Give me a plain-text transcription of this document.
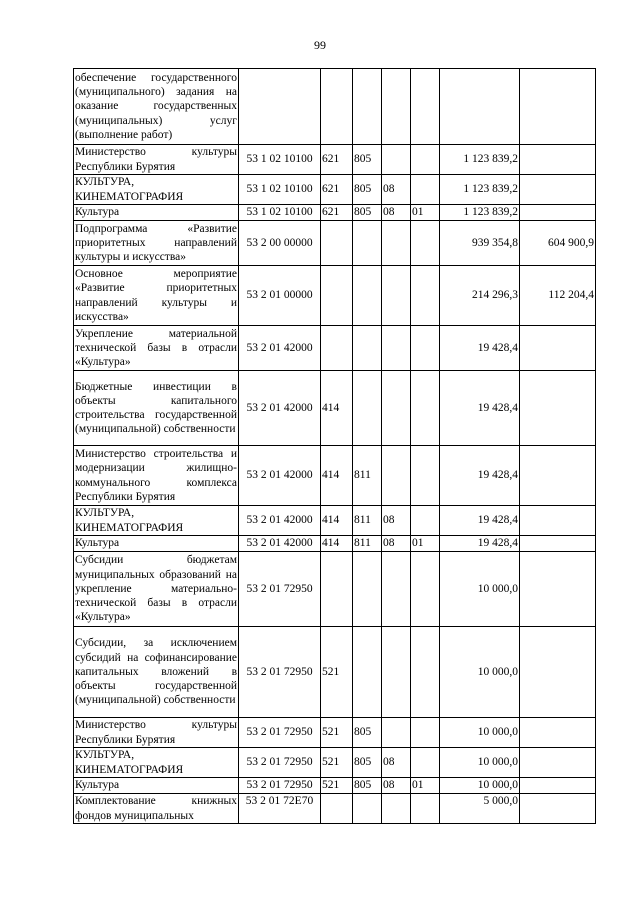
99
обеспечение государственного (муниципального) задания на оказание государственных (муниципальных) услуг (выполнение работ)							
Министерство культуры Республики Бурятия	53 1 02 10100	621	805			1 123 839,2	
КУЛЬТУРА, КИНЕМАТОГРАФИЯ	53 1 02 10100	621	805	08		1 123 839,2	
Культура	53 1 02 10100	621	805	08	01	1 123 839,2	
Подпрограмма «Развитие приоритетных направлений культуры и искусства»	53 2 00 00000					939 354,8	604 900,9
Основное мероприятие «Развитие приоритетных направлений культуры и искусства»	53 2 01 00000					214 296,3	112 204,4
Укрепление материальной технической базы в отрасли «Культура»	53 2 01 42000					19 428,4	
Бюджетные инвестиции в объекты капитального строительства государственной (муниципальной) собственности	53 2 01 42000	414				19 428,4	
Министерство строительства и модернизации жилищно-коммунального комплекса Республики Бурятия	53 2 01 42000	414	811			19 428,4	
КУЛЬТУРА, КИНЕМАТОГРАФИЯ	53 2 01 42000	414	811	08		19 428,4	
Культура	53 2 01 42000	414	811	08	01	19 428,4	
Субсидии бюджетам муниципальных образований на укрепление материально-технической базы в отрасли «Культура»	53 2 01 72950					10 000,0	
Субсидии, за исключением субсидий на софинансирование капитальных вложений в объекты государственной (муниципальной) собственности	53 2 01 72950	521				10 000,0	
Министерство культуры Республики Бурятия	53 2 01 72950	521	805			10 000,0	
КУЛЬТУРА, КИНЕМАТОГРАФИЯ	53 2 01 72950	521	805	08		10 000,0	
Культура	53 2 01 72950	521	805	08	01	10 000,0	
Комплектование книжных фондов муниципальных	53 2 01 72Е70					5 000,0	
